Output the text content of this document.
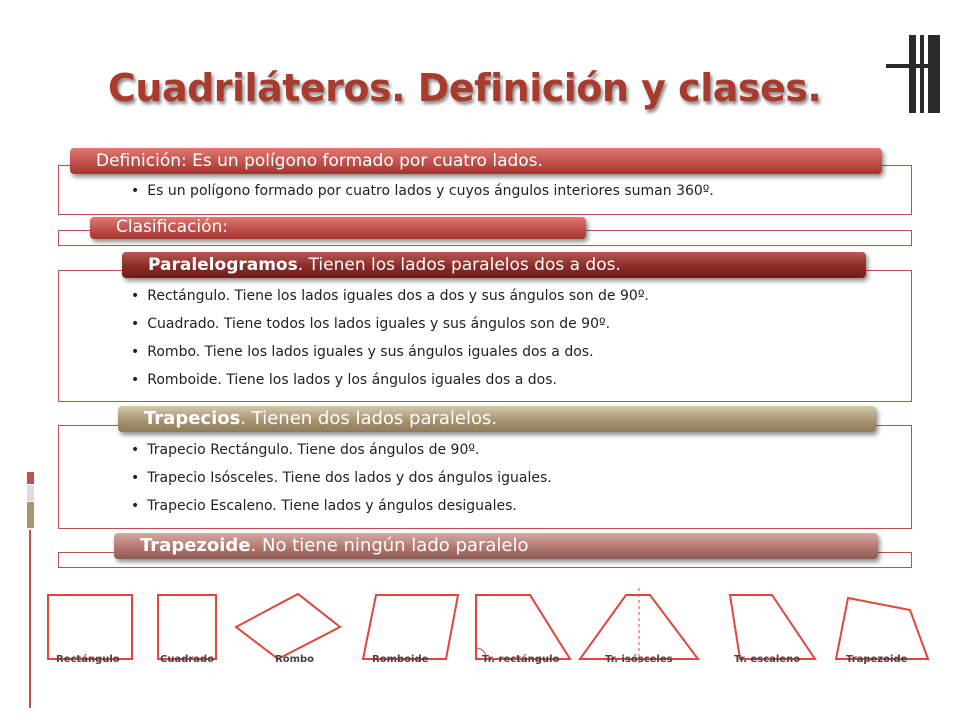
Cuadriláteros. Definición y clases.
• Es un polígono formado por cuatro lados y cuyos ángulos interiores suman 360º.
Definición: Es un polígono formado por cuatro lados.
Clasificación:
• Rectángulo. Tiene los lados iguales dos a dos y sus ángulos son de 90º.
• Cuadrado. Tiene todos los lados iguales y sus ángulos son de 90º.
• Rombo. Tiene los lados iguales y sus ángulos iguales dos a dos.
• Romboide. Tiene los lados y los ángulos iguales dos a dos.
Paralelogramos. Tienen los lados paralelos dos a dos.
• Trapecio Rectángulo. Tiene dos ángulos de 90º.
• Trapecio Isósceles. Tiene dos lados y dos ángulos iguales.
• Trapecio Escaleno. Tiene lados y ángulos desiguales.
Trapecios. Tienen dos lados paralelos.
Trapezoide. No tiene ningún lado paralelo
Rectángulo	Cuadrado	Rombo	Romboide	Tr. rectángulo	Tr. isósceles	Tr. escaleno	Trapezoide
